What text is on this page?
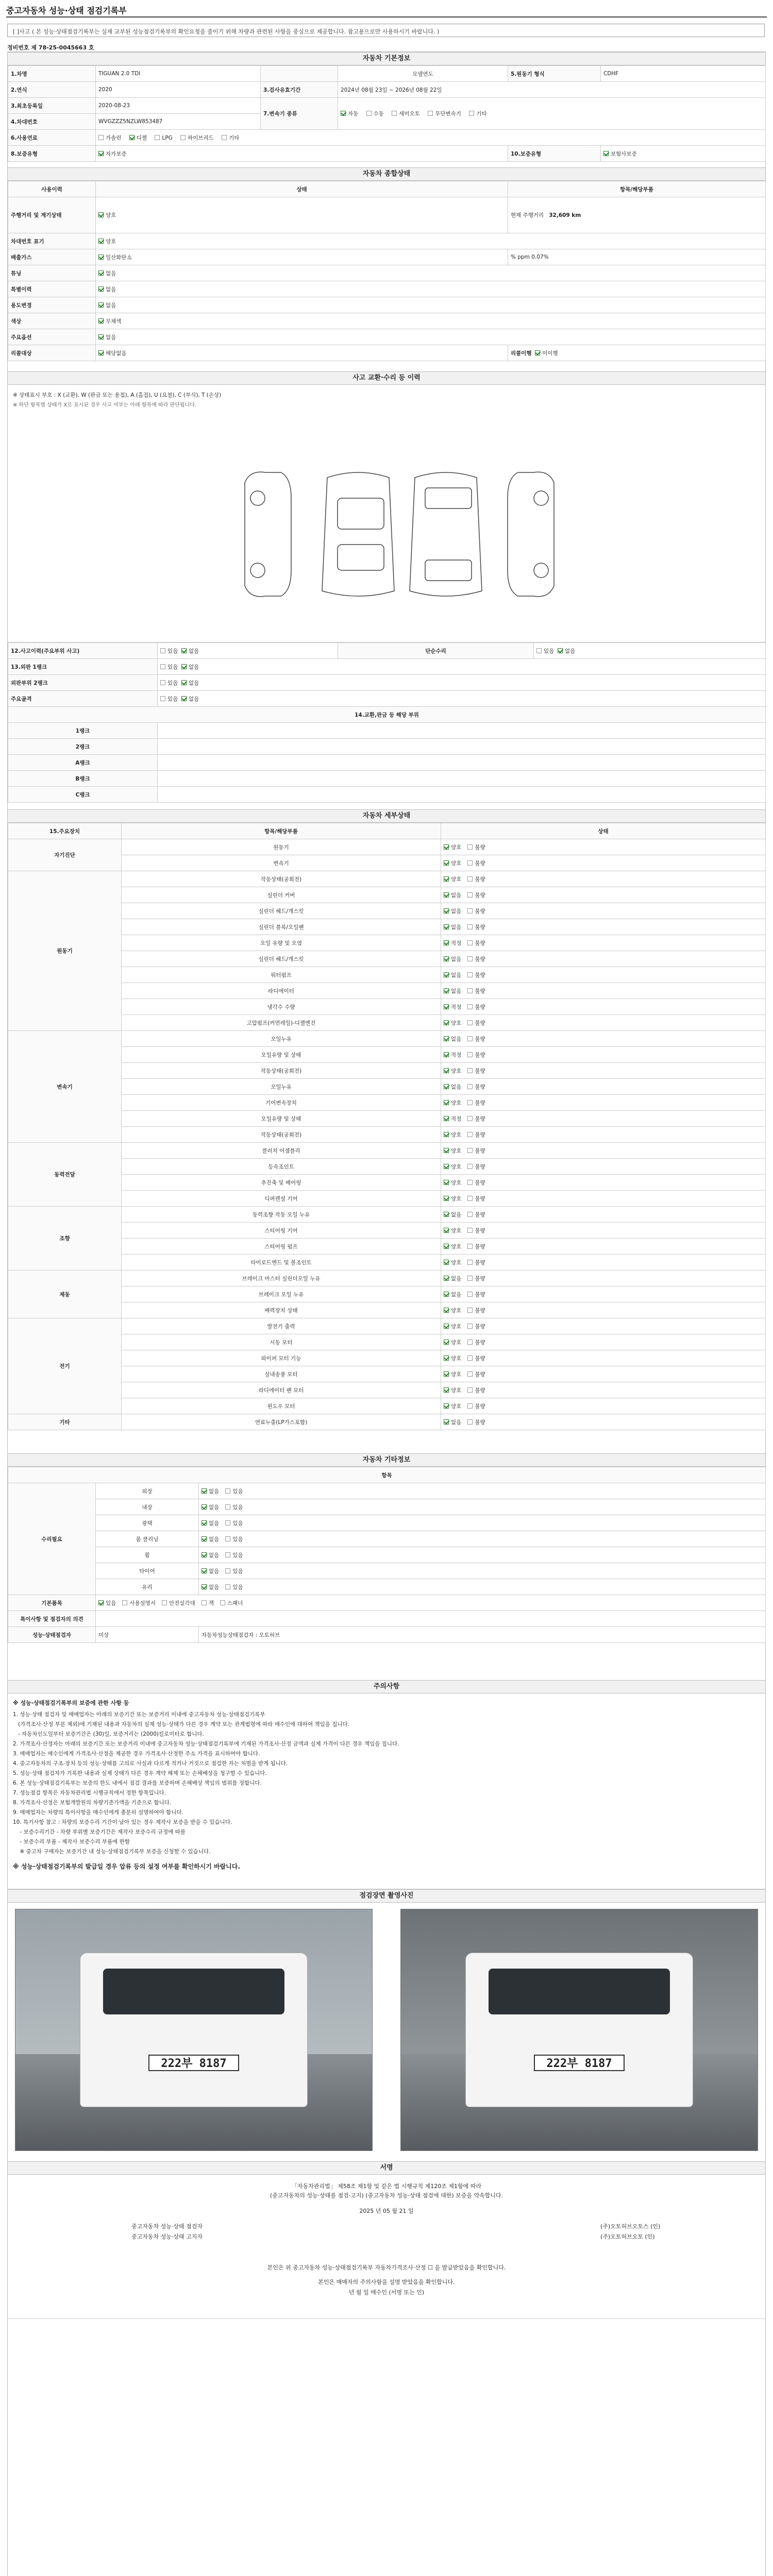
중고자동차 성능·상태 점검기록부
[ ]사고 ( 본 성능·상태점검기록부는 실제 교부된 성능점검기록부의 확인요청을 줄이기 위해 차량과 관련된 사항을 중심으로 제공합니다. 참고용으로만 사용하시기 바랍니다. )
정비번호 제 78-25-0045663 호
자동차 기본정보
1.차명	TIGUAN 2.0 TDI		모델연도	5.원동기 형식	CDHF
2.연식	2020	3.검사유효기간	2024년 08월 23일 ~ 2026년 08월 22일		
3.최초등록일	2020-08-23	7.변속기 종류	자동 수동 세미오토 무단변속기 기타		
4.차대번호	WVGZZZ5NZLW853487				
6.사용연료	가솔린 디젤 LPG 하이브리드 기타				
8.보증유형	자가보증			10.보증유형	보험사보증
자동차 종합상태
사용이력	상태	항목/해당부품
주행거리 및 계기상태	양호	현재 주행거리 32,609 km
차대번호 표기	양호	
배출가스	일산화탄소	% ppm 0.07%
튜닝	없음	
특별이력	없음	
용도변경	없음	
색상	무채색	
주요옵션	없음	
리콜대상	해당없음	리콜이행 미이행
사고 교환·수리 등 이력
※ 상태표시 부호 : X (교환), W (판금 또는 용접), A (흠집), U (요철), C (부식), T (손상)
※ 하단 항목별 상태가 X로 표시된 경우 사고 여부는 아래 항목에 따라 판단됩니다.
12.사고이력(주요부위 사고)	있음  없음	단순수리	있음  없음
13.외판 1랭크	있음  없음		
외판부위 2랭크	있음  없음		
주요골격	있음  없음		
14.교환,판금 등 해당 부위			
1랭크			
2랭크			
A랭크			
B랭크			
C랭크			
자동차 세부상태
15.주요장치	항목/해당부품	상태
자기진단	원동기	양호 불량
	변속기	양호 불량
원동기	작동상태(공회전)	양호 불량
	실린더 커버	없음 불량
	실린더 헤드/개스킷	없음 불량
	실린더 블록/오일팬	없음 불량
	오일 유량 및 오염	적정 불량
	실린더 헤드/개스킷	없음 불량
	워터펌프	없음 불량
	라디에이터	없음 불량
	냉각수 수량	적정 불량
	고압펌프(커먼레일)-디젤엔진	양호 불량
변속기	오일누유	없음 불량
	오일유량 및 상태	적정 불량
	작동상태(공회전)	양호 불량
	오일누유	없음 불량
	기어변속장치	양호 불량
	오일유량 및 상태	적정 불량
	작동상태(공회전)	양호 불량
동력전달	클러치 어셈블리	양호 불량
	등속조인트	양호 불량
	추진축 및 베어링	양호 불량
	디퍼렌셜 기어	양호 불량
조향	동력조향 작동 오일 누유	없음 불량
	스티어링 기어	양호 불량
	스티어링 펌프	양호 불량
	타이로드엔드 및 볼조인트	양호 불량
제동	브레이크 마스터 실린더오일 누유	없음 불량
	브레이크 오일 누유	없음 불량
	배력장치 상태	양호 불량
전기	발전기 출력	양호 불량
	시동 모터	양호 불량
	와이퍼 모터 기능	양호 불량
	실내송풍 모터	양호 불량
	라디에이터 팬 모터	양호 불량
	윈도우 모터	양호 불량
기타	연료누출(LP가스포함)	없음 불량
자동차 기타정보
항목		
수리필요	외장	없음 있음
	내장	없음 있음
	광택	없음 있음
	룸 클리닝	없음 있음
	휠	없음 있음
	타이어	없음 있음
	유리	없음 있음
기본품목	있음 사용설명서 안전삼각대 잭 스패너	
특이사항 및 점검자의 의견		
성능·상태점검자	미상	자동차성능상태점검자 : 오토허브
주의사항
※ 성능·상태점검기록부의 보증에 관한 사항 등
1. 성능·상태 점검자 및 매매업자는 아래의 보증기간 또는 보증거리 이내에 중고자동차 성능·상태점검기록부
(가격조사·산정 부분 제외)에 기재된 내용과 자동차의 실제 성능·상태가 다른 경우 계약 또는 관계법령에 따라 매수인에 대하여 책임을 집니다.
- 자동차인도일부터 보증기간은 (30)일, 보증거리는 (2000)킬로미터로 합니다.
2. 가격조사·산정자는 아래의 보증기간 또는 보증거리 이내에 중고자동차 성능·상태점검기록부에 기재된 가격조사·산정 금액과 실제 가격이 다른 경우 책임을 집니다.
3. 매매업자는 매수인에게 가격조사·산정을 제공한 경우 가격조사·산정한 주소 가격을 표시하여야 합니다.
4. 중고자동차의 구조·장치 등의 성능·상태를 고의로 사실과 다르게 적거나 거짓으로 점검한 자는 처벌을 받게 됩니다.
5. 성능·상태 점검자가 기록한 내용과 실제 상태가 다른 경우 계약 해제 또는 손해배상을 청구할 수 있습니다.
6. 본 성능·상태점검기록부는 보증의 한도 내에서 점검 결과를 보증하며 손해배상 책임의 범위를 정합니다.
7. 성능점검 항목은 자동차관리법 시행규칙에서 정한 항목입니다.
8. 가격조사·산정은 보험개발원의 차량기준가액을 기준으로 합니다.
9. 매매업자는 차량의 특이사항을 매수인에게 충분히 설명하여야 합니다.
10. 특기사항 참고 : 차량의 보증수리 기간이 남아 있는 경우 제작사 보증을 받을 수 있습니다.
- 보증수리기간 - 차량 부위별 보증기간은 제작사 보증수리 규정에 따름
- 보증수리 부품 - 제작사 보증수리 부품에 한함
※ 중고차 구매자는 보증기간 내 성능·상태점검기록부 보증을 신청할 수 있습니다.
※ 성능·상태점검기록부의 발급일 경우 압류 등의 설정 여부를 확인하시기 바랍니다.
점검장면 촬영사진
222부 8187	222부 8187
서명
「자동차관리법」 제58조 제1항 및 같은 법 시행규칙 제120조 제1항에 따라
(중고자동차의 성능·상태를 점검·고지) (중고자동차 성능·상태 점검에 대한) 보증을 약속합니다.
2025 년 05 월 21 일
중고자동차 성능·상태 점검자	(주)오토허브오토스 (인)
중고자동차 성능·상태 고지자	(주)오토허브오토 (인)
본인은 위 중고자동차 성능·상태점검기록부 자동차가격조사·산정 ☐ 을 발급받았음을 확인합니다.
본인은 매매자의 주의사항을 설명 받았음을 확인합니다.
년 월 일 매수인 (서명 또는 인)
